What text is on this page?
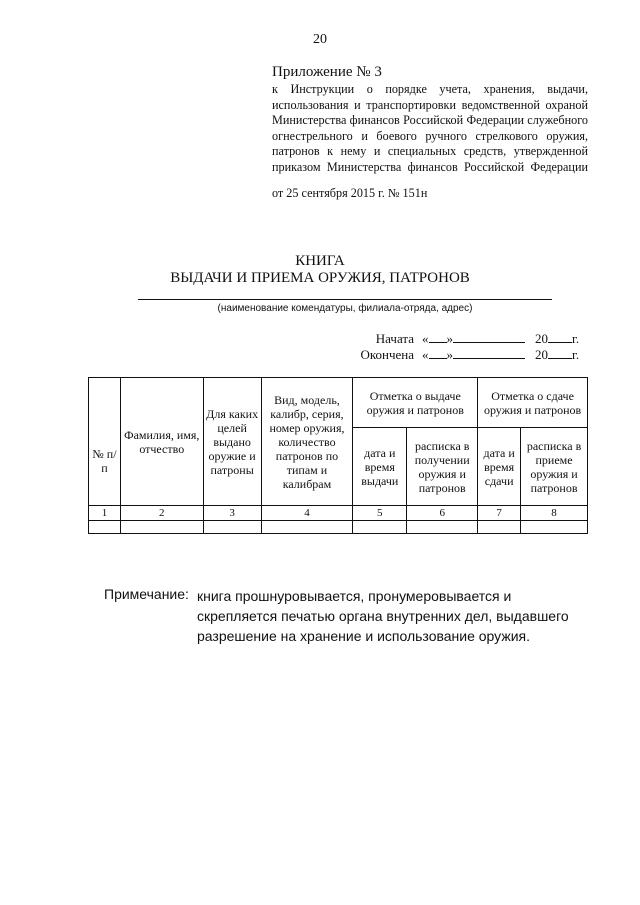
20
Приложение № 3
к Инструкции о порядке учета, хранения, выдачи, использования и транспортировки ведомственной охраной Министерства финансов Российской Федерации служебного огнестрельного и боевого ручного стрелкового оружия, патронов к нему и специальных средств, утвержденной приказом Министерства финансов Российской Федерации
от 25 сентября 2015 г. № 151н
КНИГА
ВЫДАЧИ И ПРИЕМА ОРУЖИЯ, ПАТРОНОВ
(наименование комендатуры, филиала-отряда, адрес)
Начата « »	20 г.
Окончена « »	20 г.
№ п/п	Фамилия, имя, отчество	Для каких целей выдано оружие и патроны	Вид, модель, калибр, серия, номер оружия, количество патронов по типам и калибрам	Отметка о выдаче оружия и патронов		Отметка о сдаче оружия и патронов	
				дата и время выдачи	расписка в получении оружия и патронов	дата и время сдачи	расписка в приеме оружия и патронов
1	2	3	4	5	6	7	8

Примечание: книга прошнуровывается, пронумеровывается и скрепляется печатью органа внутренних дел, выдавшего разрешение на хранение и использование оружия.
